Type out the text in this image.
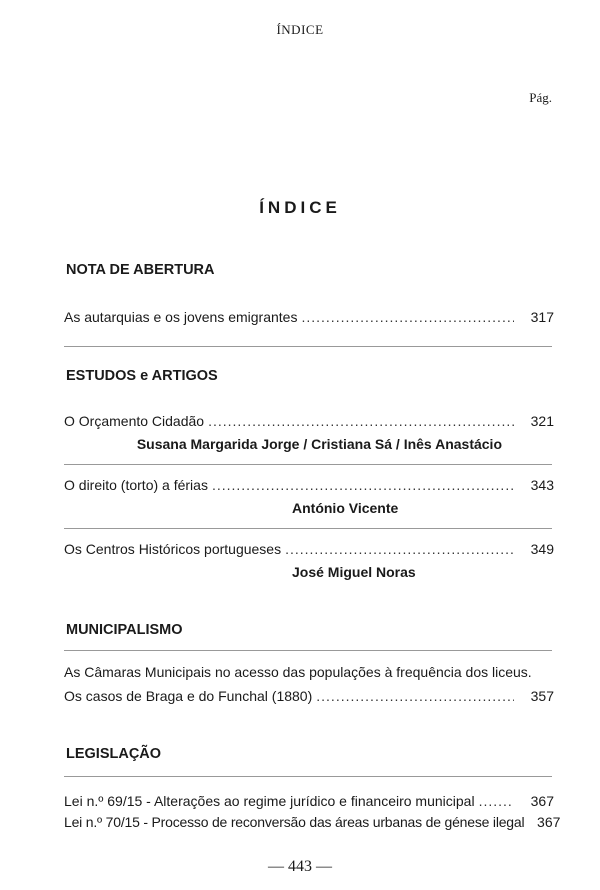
ÍNDICE
Pág.
ÍNDICE
NOTA DE ABERTURA
As autarquias e os jovens emigrantes .....	317
ESTUDOS e ARTIGOS
O Orçamento Cidadão .....	321
Susana Margarida Jorge / Cristiana Sá / Inês Anastácio
O direito (torto) a férias .....	343
António Vicente
Os Centros Históricos portugueses .....	349
José Miguel Noras
MUNICIPALISMO
As Câmaras Municipais no acesso das populações à frequência dos liceus.
Os casos de Braga e do Funchal (1880) .....	357
LEGISLAÇÃO
Lei n.º 69/15 - Alterações ao regime jurídico e financeiro municipal .....	367
Lei n.º 70/15 - Processo de reconversão das áreas urbanas de génese ilegal 367
— 443 —
